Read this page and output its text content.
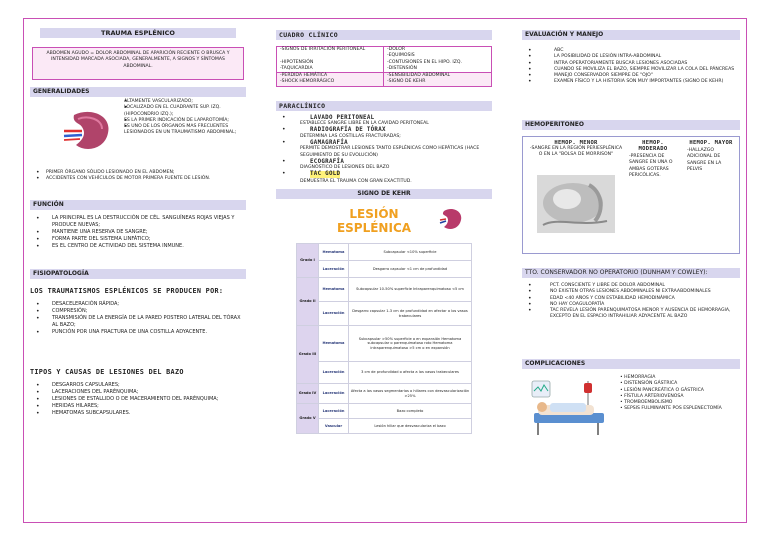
TRAUMA ESPLÉNICO
ABDOMEN AGUDO = DOLOR ABDOMINAL DE APARICIÓN RECIENTE O BRUSCA Y INTENSIDAD MARCADA ASOCIADA, GENERALMENTE, A SIGNOS Y SÍNTOMAS ABDOMINAL.
GENERALIDADES
• ALTAMENTE VASCULARIZADO;
• LOCALIZADO EN EL CUADRANTE SUP. IZQ. (HIPOCONDRIO IZQ.);
• ES LA PRIMER INDICACIÓN DE LAPAROTOMÍA;
• ES UNO DE LOS ÓRGANOS MAS FRECUENTES LESIONADOS EN UN TRAUMATISMO ABDOMINAL;
• PRIMER ÓRGANO SÓLIDO LESIONADO EN EL ABDOMEN;
• ACCIDENTES CON VEHÍCULOS DE MOTOR PRIMERA FUENTE DE LESIÓN.
FUNCIÓN
• LA PRINCIPAL ES LA DESTRUCCIÓN DE CÉL. SANGUÍNEAS ROJAS VIEJAS Y PRODUCE NUEVAS;
• MANTIENE UNA RESERVA DE SANGRE;
• FORMA PARTE DEL SISTEMA LINFÁTICO;
• ES EL CENTRO DE ACTIVIDAD DEL SISTEMA INMUNE.
FISIOPATOLOGÍA
LOS TRAUMATISMOS ESPLÉNICOS SE PRODUCEN POR:
• DESACELERACIÓN RÁPIDA;
• COMPRESIÓN;
• TRANSMISIÓN DE LA ENERGÍA DE LA PARED POSTERO LATERAL DEL TÓRAX AL BAZO;
• PUNCIÓN POR UNA FRACTURA DE UNA COSTILLA ADYACENTE.
TIPOS Y CAUSAS DE LESIONES DEL BAZO
• DESGARROS CAPSULARES;
• LACERACIONES DEL PARÉNQUIMA;
• LESIONES DE ESTALLIDO O DE MACERAMIENTO DEL PARÉNQUIMA;
• HERIDAS HILARES;
• HEMATOMAS SUBCAPSULARES.
CUADRO CLÍNICO
-SIGNOS DE IRRITACIÓN PERITONEAL	-DOLOR
-EQUIMOSIS
-HIPOTENSIÓN	-CONTUSIONES EN EL HIPO. IZQ.
-TAQUICARDIA	-DISTENSIÓN
-PERDIDA HEMÁTICA	-SENSIBILIDAD ABDOMINAL
-SHOCK HEMORRÁGICO	-SIGNO DE KEHR
PARACLÍNICO
• LAVADO PERITONEAL
ESTABLECE SANGRE LIBRE EN LA CAVIDAD PERITONEAL
• RADIOGRAFÍA DE TÓRAX
DETERMINA LAS COSTILLAS FRACTURADAS;
• GAMAGRAFÍA
PERMITE DEMOSTRAR LESIONES TANTO ESPLÉNICAS COMO HEPÁTICAS (HACE SEGUIMIENTO DE SU EVOLUCIÓN)
• ECOGRAFÍA
DIAGNÓSTICO DE LESIONES DEL BAZO
• TAC GOLD
DEMUESTRA EL TRAUMA CON GRAN EXACTITUD.
SIGNO DE KEHR
LESIÓN
ESPLÉNICA
Grado I	Hematoma	Subcapsular <10% superficie
	Laceración	Desgarro capsular <1 cm de profundidad
Grado II	Hematoma	Subcapsular 10-50% superficie Intraparenquimatoso <5 cm
	Laceración	Desgarro capsular 1-3 cm de profundidad en afectar a los vasos trabeculares
Grado III	Hematoma	Subcapsular >50% superficie o en expansión Hematoma subcapsular o parenquimatoso roto Hematoma intraparenquimatoso >5 cm o en expansión
	Laceración	3 cm de profundidad o afecta a los vasos trabeculares
Grado IV	Laceración	Afecta a los vasos segmentarios o hiliares con desvascularización >25%
Grado V	Laceración	Bazo completo
	Vascular	Lesión hiliar que desvasculariza el bazo
EVALUACIÓN Y MANEJO
• ABC
• LA POSIBILIDAD DE LESIÓN INTRA-ABDOMINAL
• INTRA OPERATORIAMENTE BUSCAR LESIONES ASOCIADAS
• CUANDO SE MOVILIZA EL BAZO, SIEMPRE MOVILIZAR LA COLA DEL PÁNCREAS
• MANEJO CONSERVADOR SIEMPRE DE "OJO"
• EXAMEN FÍSICO Y LA HISTORIA SON MUY IMPORTANTES (SIGNO DE KEHR)
HEMOPERITONEO
HEMOP. MENOR
-SANGRE EN LA REGIÓN PERIESPLÉNICA O EN LA "BOLSA DE MORRISON"
HEMOP. MODERADO
-PRESENCIA DE SANGRE EN UNA O AMBAS GOTERAS PERICÓLICAS.
HEMOP. MAYOR
-HALLAZGO ADICIONAL DE SANGRE EN LA PELVIS
TTO. CONSERVADOR NO OPERATORIO (DUNHAM Y COWLEY):
• PCT. CONSCIENTE Y LIBRE DE DOLOR ABDOMINAL
• NO EXISTEN OTRAS LESIONES ABDOMINALES NI EXTRAABDOMINALES
• EDAD <40 AÑOS Y CON ESTABILIDAD HEMODINÁMICA
• NO HAY COAGULOPATÍA
• TAC REVELA LESIÓN PARENQUIMATOSA MENOR Y AUSENCIA DE HEMORRAGIA, EXCEPTO EN EL ESPACIO INTRAHILIAR ADYACENTE AL BAZO
COMPLICACIONES
• HEMORRAGIA
• DISTENSIÓN GÁSTRICA
• LESIÓN PANCREÁTICA O GÁSTRICA
• FÍSTULA ARTERIOVENOSA
• TROMBOEMBOLISMO
• SEPSIS FULMINANTE POS ESPLENECTOMÍA
